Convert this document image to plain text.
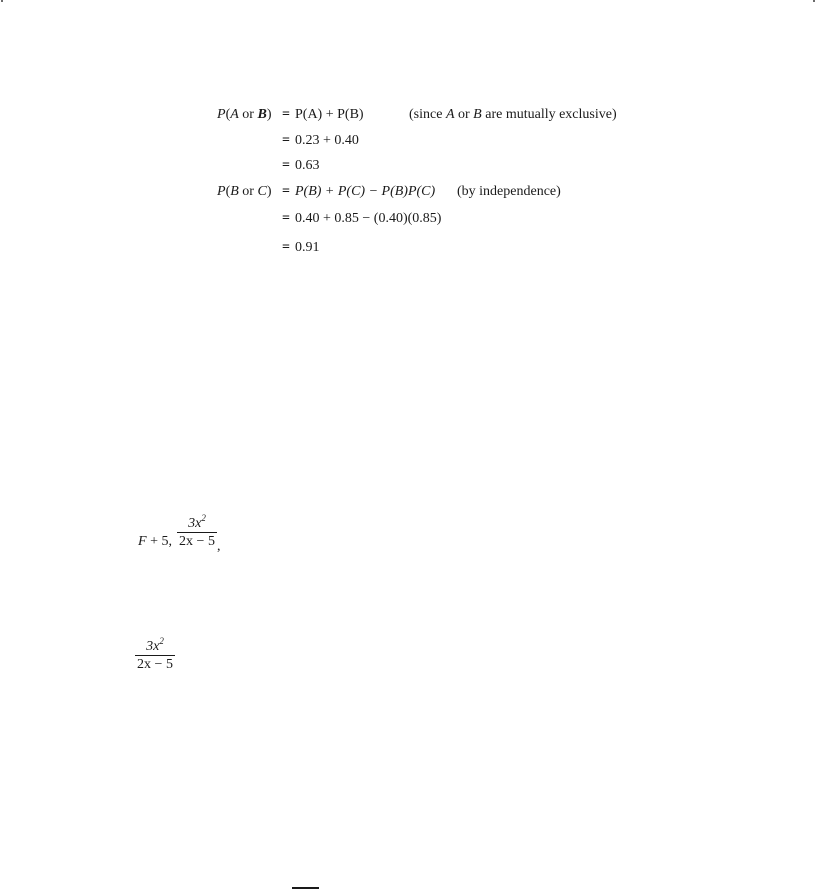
P(A or B) = P(A) + P(B)	(since A or B are mutually exclusive)
= 0.23 + 0.40
= 0.63
P(B or C) = P(B) + P(C) − P(B)P(C) (by independence)
= 0.40 + 0.85 − (0.40)(0.85)
= 0.91
F + 5,
$3x^2$
2x − 5 ,
$3x^2$
2x − 5
